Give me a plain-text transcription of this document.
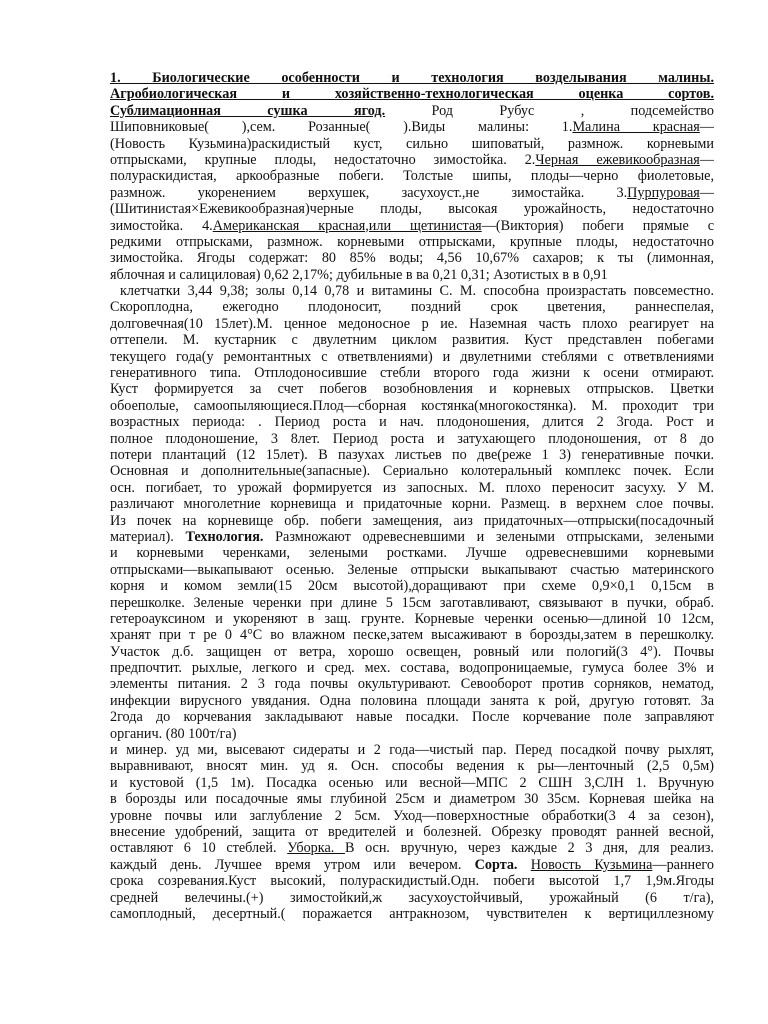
1. Биологические особенности и технология возделывания малины.
Агробиологическая и хозяйственно-технологическая оценка сортов.
Сублимационная сушка ягод. Род Рубус , подсемейство
Шиповниковые( ),сем. Розанные( ).Виды малины: 1.Малина красная—
(Новость Кузьмина)раскидистый куст, сильно шиповатый, размнож. корневыми
отпрысками, крупные плоды, недостаточно зимостойка. 2.Черная ежевикообразная—
полураскидистая, аркообразные побеги. Толстые шипы, плоды—черно фиолетовые,
размнож. укоренением верхушек, засухоуст.,не зимостайка. 3.Пурпуровая—
(Шитинистая×Ежевикообразная)черные плоды, высокая урожайность, недостаточно
зимостойка. 4.Американская красная,или щетинистая—(Виктория) побеги прямые с
редкими отпрысками, размнож. корневыми отпрысками, крупные плоды, недостаточно
зимостойка. Ягоды содержат: 80 85% воды; 4,56 10,67% сахаров; к ты (лимонная,
яблочная и салициловая) 0,62 2,17%; дубильные в ва 0,21 0,31; Азотистых в в 0,91
клетчатки 3,44 9,38; золы 0,14 0,78 и витамины С. М. способна произрастать повсеместно.
Скороплодна, ежегодно плодоносит, поздний срок цветения, раннеспелая,
долговечная(10 15лет).М. ценное медоносное р ие. Наземная часть плохо реагирует на
оттепели. М. кустарник с двулетним циклом развития. Куст представлен побегами
текущего года(у ремонтантных с ответвлениями) и двулетними стеблями с ответвлениями
генеративного типа. Отплодоносившие стебли второго года жизни к осени отмирают.
Куст формируется за счет побегов возобновления и корневых отпрысков. Цветки
обоеполые, самоопыляющиеся.Плод—сборная костянка(многокостянка). М. проходит три
возрастных периода: . Период роста и нач. плодоношения, длится 2 3года. Рост и
полное плодоношение, 3 8лет. Период роста и затухающего плодоношения, от 8 до
потери плантаций (12 15лет). В пазухах листьев по две(реже 1 3) генеративные почки.
Основная и дополнительные(запасные). Сериально колотеральный комплекс почек. Если
осн. погибает, то урожай формируется из запосных. М. плохо переносит засуху. У М.
различают многолетние корневища и придаточные корни. Размещ. в верхнем слое почвы.
Из почек на корневище обр. побеги замещения, аиз придаточных—отпрыски(посадочный
материал). Технология. Размножают одревесневшими и зелеными отпрысками, зелеными
и корневыми черенками, зелеными ростками. Лучше одревесневшими корневыми
отпрысками—выкапывают осенью. Зеленые отпрыски выкапывают счастью материнского
корня и комом земли(15 20см высотой),доращивают при схеме 0,9×0,1 0,15см в
перешколке. Зеленые черенки при длине 5 15см заготавливают, связывают в пучки, обраб.
гетероауксином и укореняют в защ. грунте. Корневые черенки осенью—длиной 10 12см,
хранят при т ре 0 4°С во влажном песке,затем высаживают в борозды,затем в перешколку.
Участок д.б. защищен от ветра, хорошо освещен, ровный или пологий(3 4°). Почвы
предпочтит. рыхлые, легкого и сред. мех. состава, водопроницаемые, гумуса более 3% и
элементы питания. 2 3 года почвы окультуривают. Севооборот против сорняков, нематод,
инфекции вирусного увядания. Одна половина площади занята к рой, другую готовят. За
2года до корчевания закладывают навые посадки. После корчевание поле заправляют
органич. (80 100т/га)
и минер. уд ми, высевают сидераты и 2 года—чистый пар. Перед посадкой почву рыхлят,
выравнивают, вносят мин. уд я. Осн. способы ведения к ры—ленточный (2,5 0,5м)
и кустовой (1,5 1м). Посадка осенью или весной—МПС 2 СШН 3,СЛН 1. Вручную
в борозды или посадочные ямы глубиной 25см и диаметром 30 35см. Корневая шейка на
уровне почвы или заглубление 2 5см. Уход—поверхностные обработки(3 4 за сезон),
внесение удобрений, защита от вредителей и болезней. Обрезку проводят ранней весной,
оставляют 6 10 стеблей. Уборка. В осн. вручную, через каждые 2 3 дня, для реализ.
каждый день. Лучшее время утром или вечером. Сорта. Новость Кузьмина—раннего
срока созревания.Куст высокий, полураскидистый.Одн. побеги высотой 1,7 1,9м.Ягоды
средней велечины.(+) зимостойкий,ж засухоустойчивый, урожайный (6 т/га),
самоплодный, десертный.( поражается антракнозом, чувствителен к вертициллезному
